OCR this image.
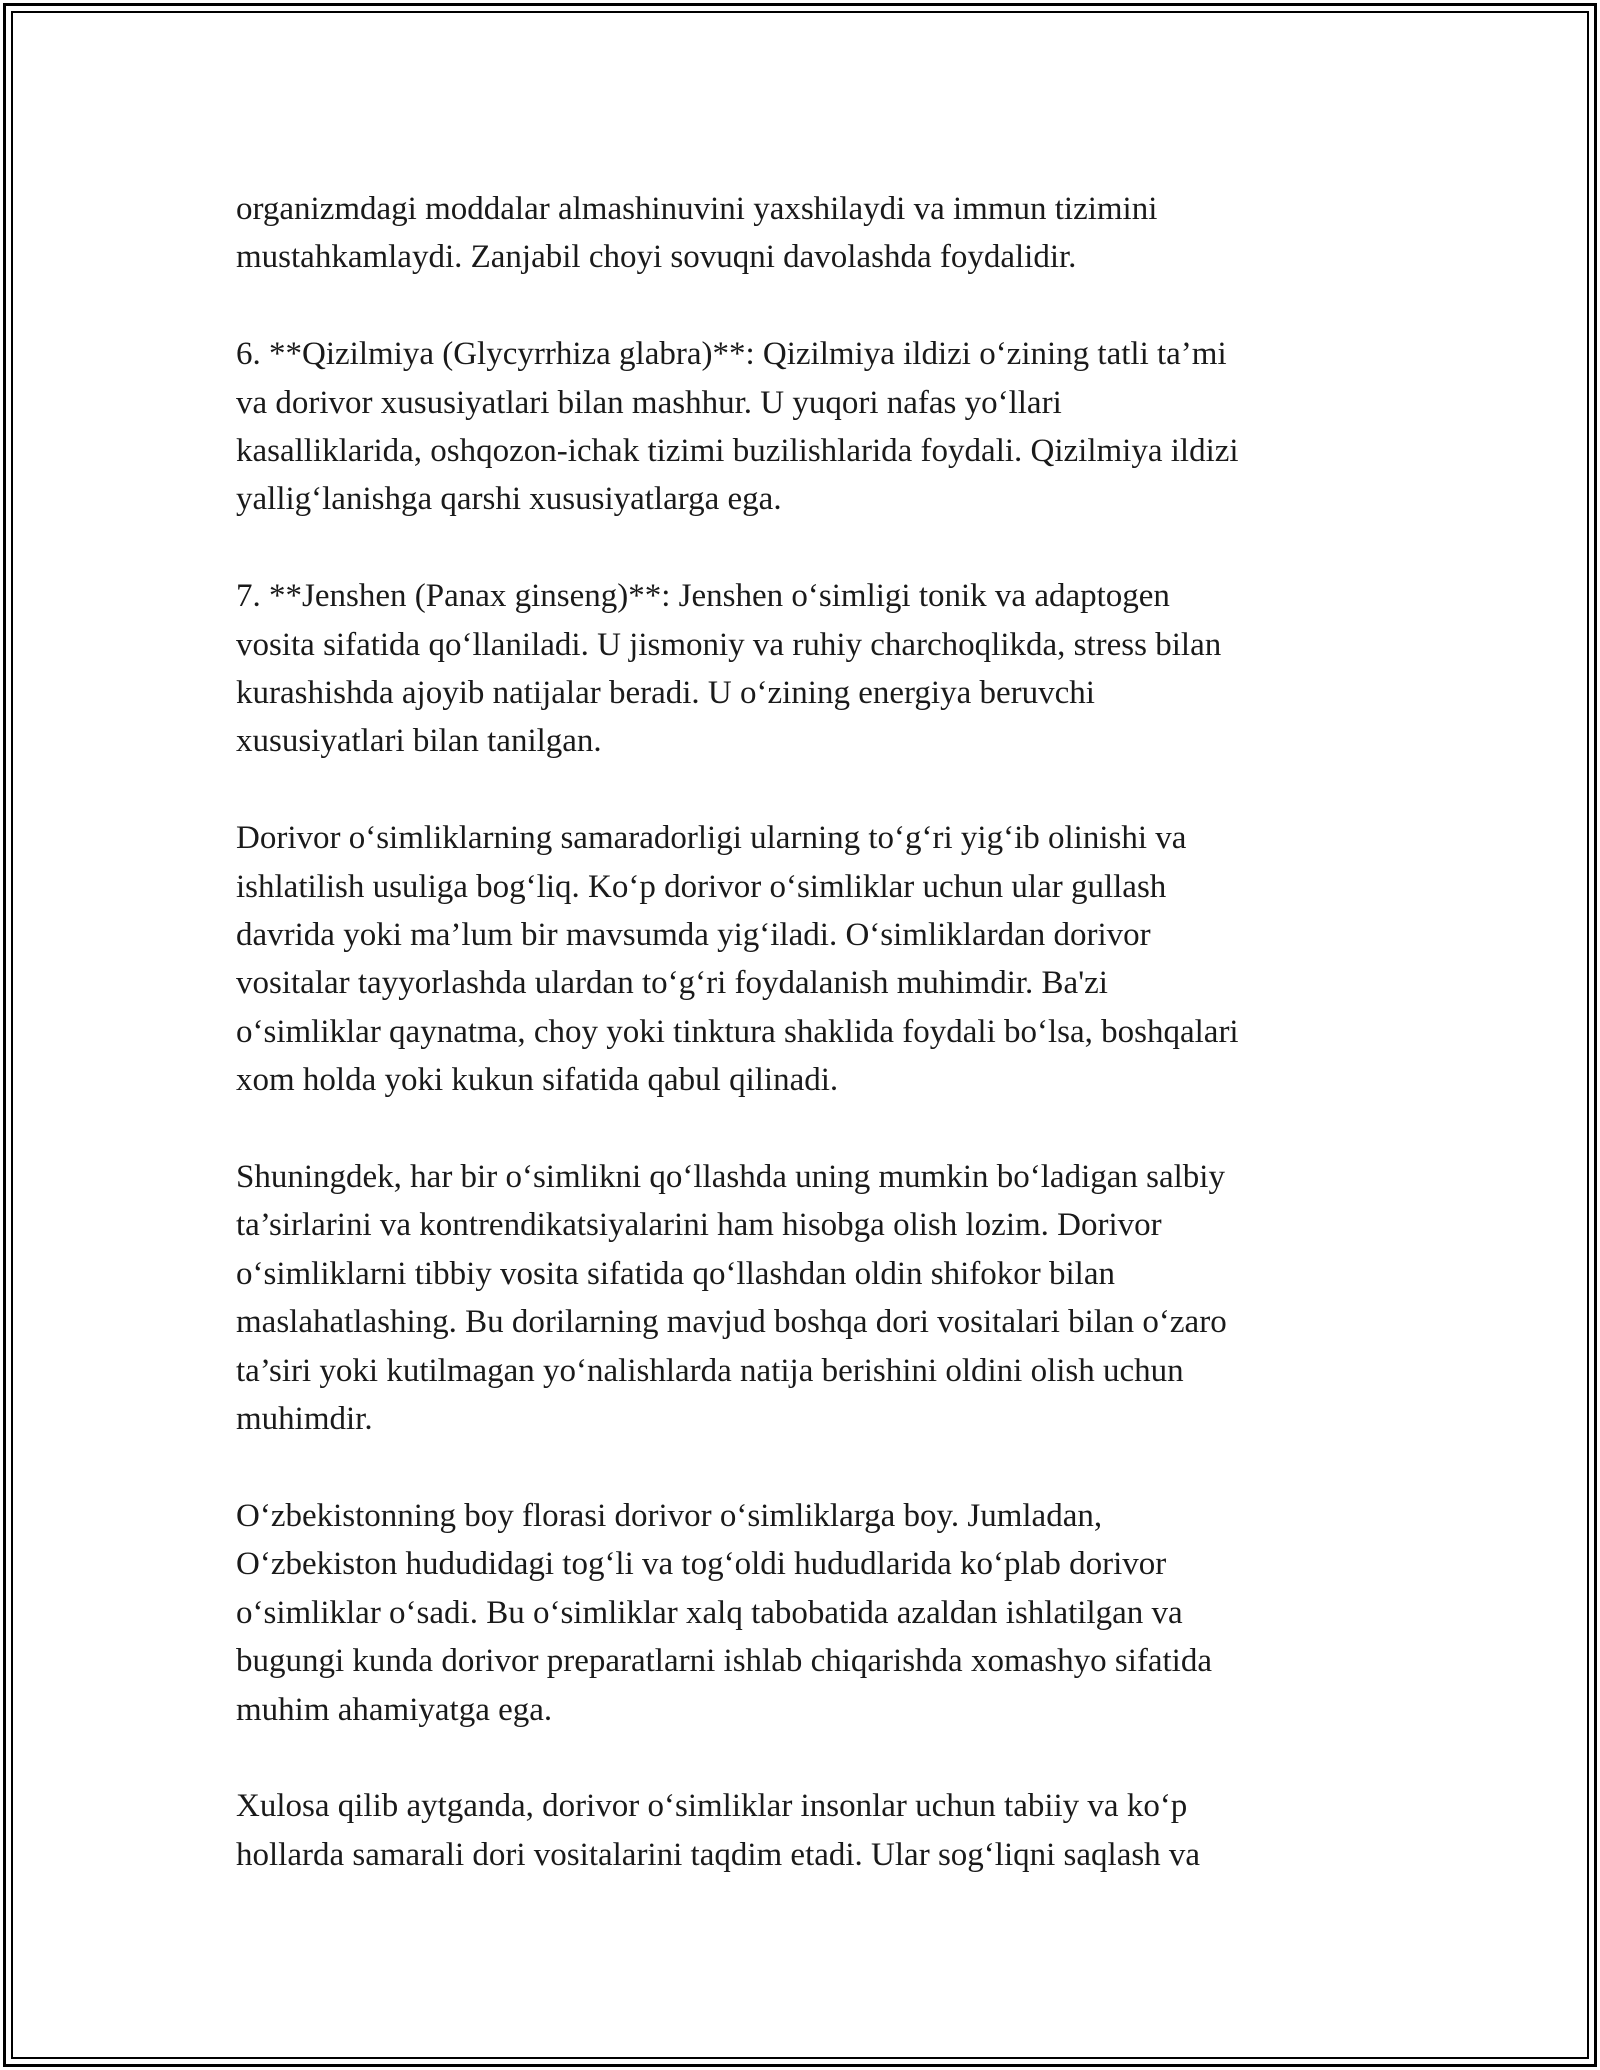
organizmdagi moddalar almashinuvini yaxshilaydi va immun tizimini
mustahkamlaydi. Zanjabil choyi sovuqni davolashda foydalidir.

6. **Qizilmiya (Glycyrrhiza glabra)**: Qizilmiya ildizi o‘zining tatli ta’mi
va dorivor xususiyatlari bilan mashhur. U yuqori nafas yo‘llari
kasalliklarida, oshqozon-ichak tizimi buzilishlarida foydali. Qizilmiya ildizi
yallig‘lanishga qarshi xususiyatlarga ega.

7. **Jenshen (Panax ginseng)**: Jenshen o‘simligi tonik va adaptogen
vosita sifatida qo‘llaniladi. U jismoniy va ruhiy charchoqlikda, stress bilan
kurashishda ajoyib natijalar beradi. U o‘zining energiya beruvchi
xususiyatlari bilan tanilgan.

Dorivor o‘simliklarning samaradorligi ularning to‘g‘ri yig‘ib olinishi va
ishlatilish usuliga bog‘liq. Ko‘p dorivor o‘simliklar uchun ular gullash
davrida yoki ma’lum bir mavsumda yig‘iladi. O‘simliklardan dorivor
vositalar tayyorlashda ulardan to‘g‘ri foydalanish muhimdir. Ba'zi
o‘simliklar qaynatma, choy yoki tinktura shaklida foydali bo‘lsa, boshqalari
xom holda yoki kukun sifatida qabul qilinadi.

Shuningdek, har bir o‘simlikni qo‘llashda uning mumkin bo‘ladigan salbiy
ta’sirlarini va kontrendikatsiyalarini ham hisobga olish lozim. Dorivor
o‘simliklarni tibbiy vosita sifatida qo‘llashdan oldin shifokor bilan
maslahatlashing. Bu dorilarning mavjud boshqa dori vositalari bilan o‘zaro
ta’siri yoki kutilmagan yo‘nalishlarda natija berishini oldini olish uchun
muhimdir.

O‘zbekistonning boy florasi dorivor o‘simliklarga boy. Jumladan,
O‘zbekiston hududidagi tog‘li va tog‘oldi hududlarida ko‘plab dorivor
o‘simliklar o‘sadi. Bu o‘simliklar xalq tabobatida azaldan ishlatilgan va
bugungi kunda dorivor preparatlarni ishlab chiqarishda xomashyo sifatida
muhim ahamiyatga ega.

Xulosa qilib aytganda, dorivor o‘simliklar insonlar uchun tabiiy va ko‘p
hollarda samarali dori vositalarini taqdim etadi. Ular sog‘liqni saqlash va
